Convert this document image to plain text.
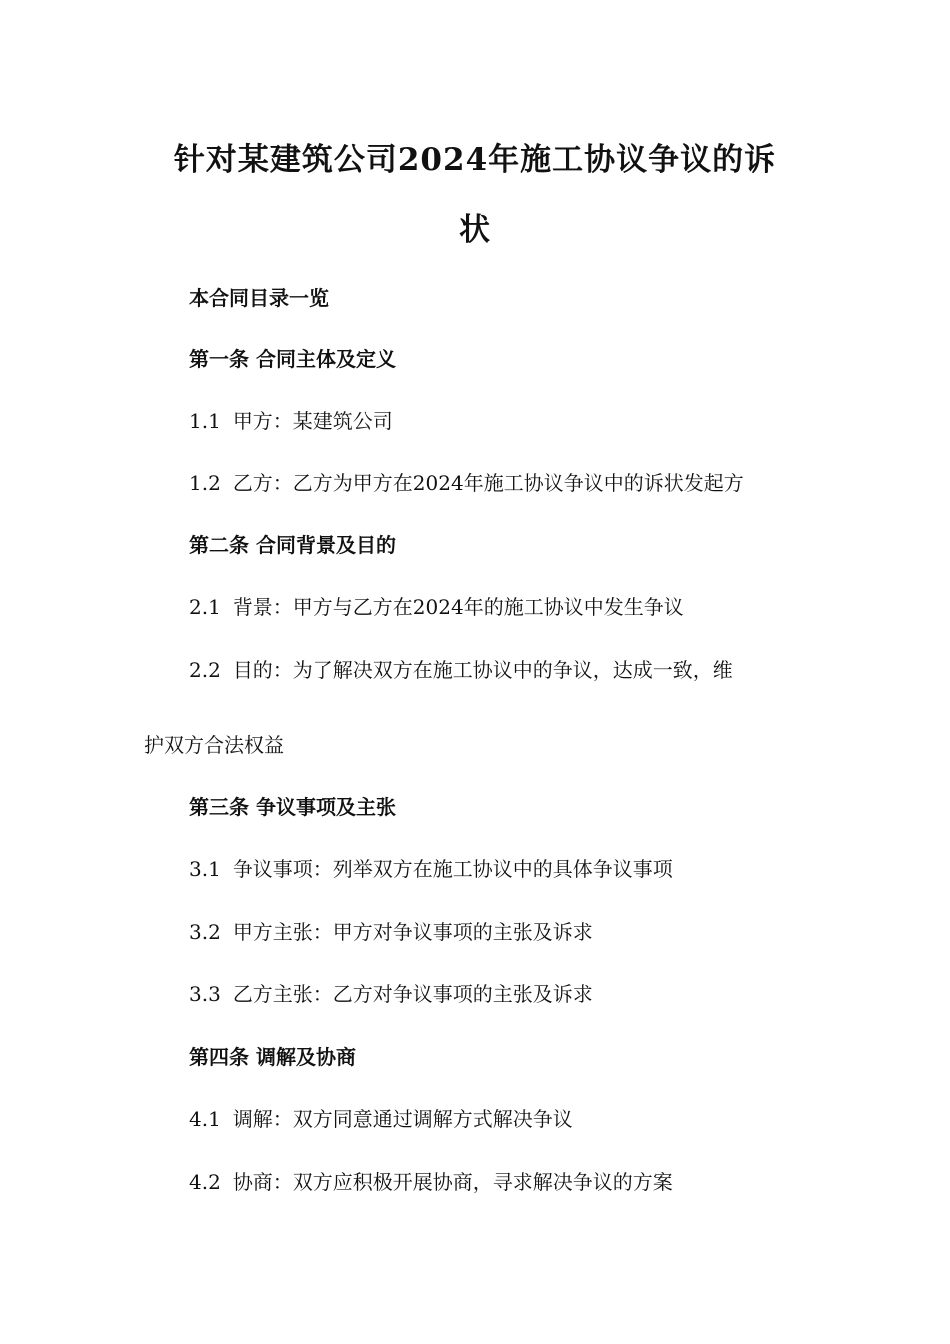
针对某建筑公司2024年施工协议争议的诉
状
本合同目录一览
第一条 合同主体及定义
1.1 甲方：某建筑公司
1.2 乙方：乙方为甲方在2024年施工协议争议中的诉状发起方
第二条 合同背景及目的
2.1 背景：甲方与乙方在2024年的施工协议中发生争议
2.2 目的：为了解决双方在施工协议中的争议，达成一致，维
护双方合法权益
第三条 争议事项及主张
3.1 争议事项：列举双方在施工协议中的具体争议事项
3.2 甲方主张：甲方对争议事项的主张及诉求
3.3 乙方主张：乙方对争议事项的主张及诉求
第四条 调解及协商
4.1 调解：双方同意通过调解方式解决争议
4.2 协商：双方应积极开展协商，寻求解决争议的方案
